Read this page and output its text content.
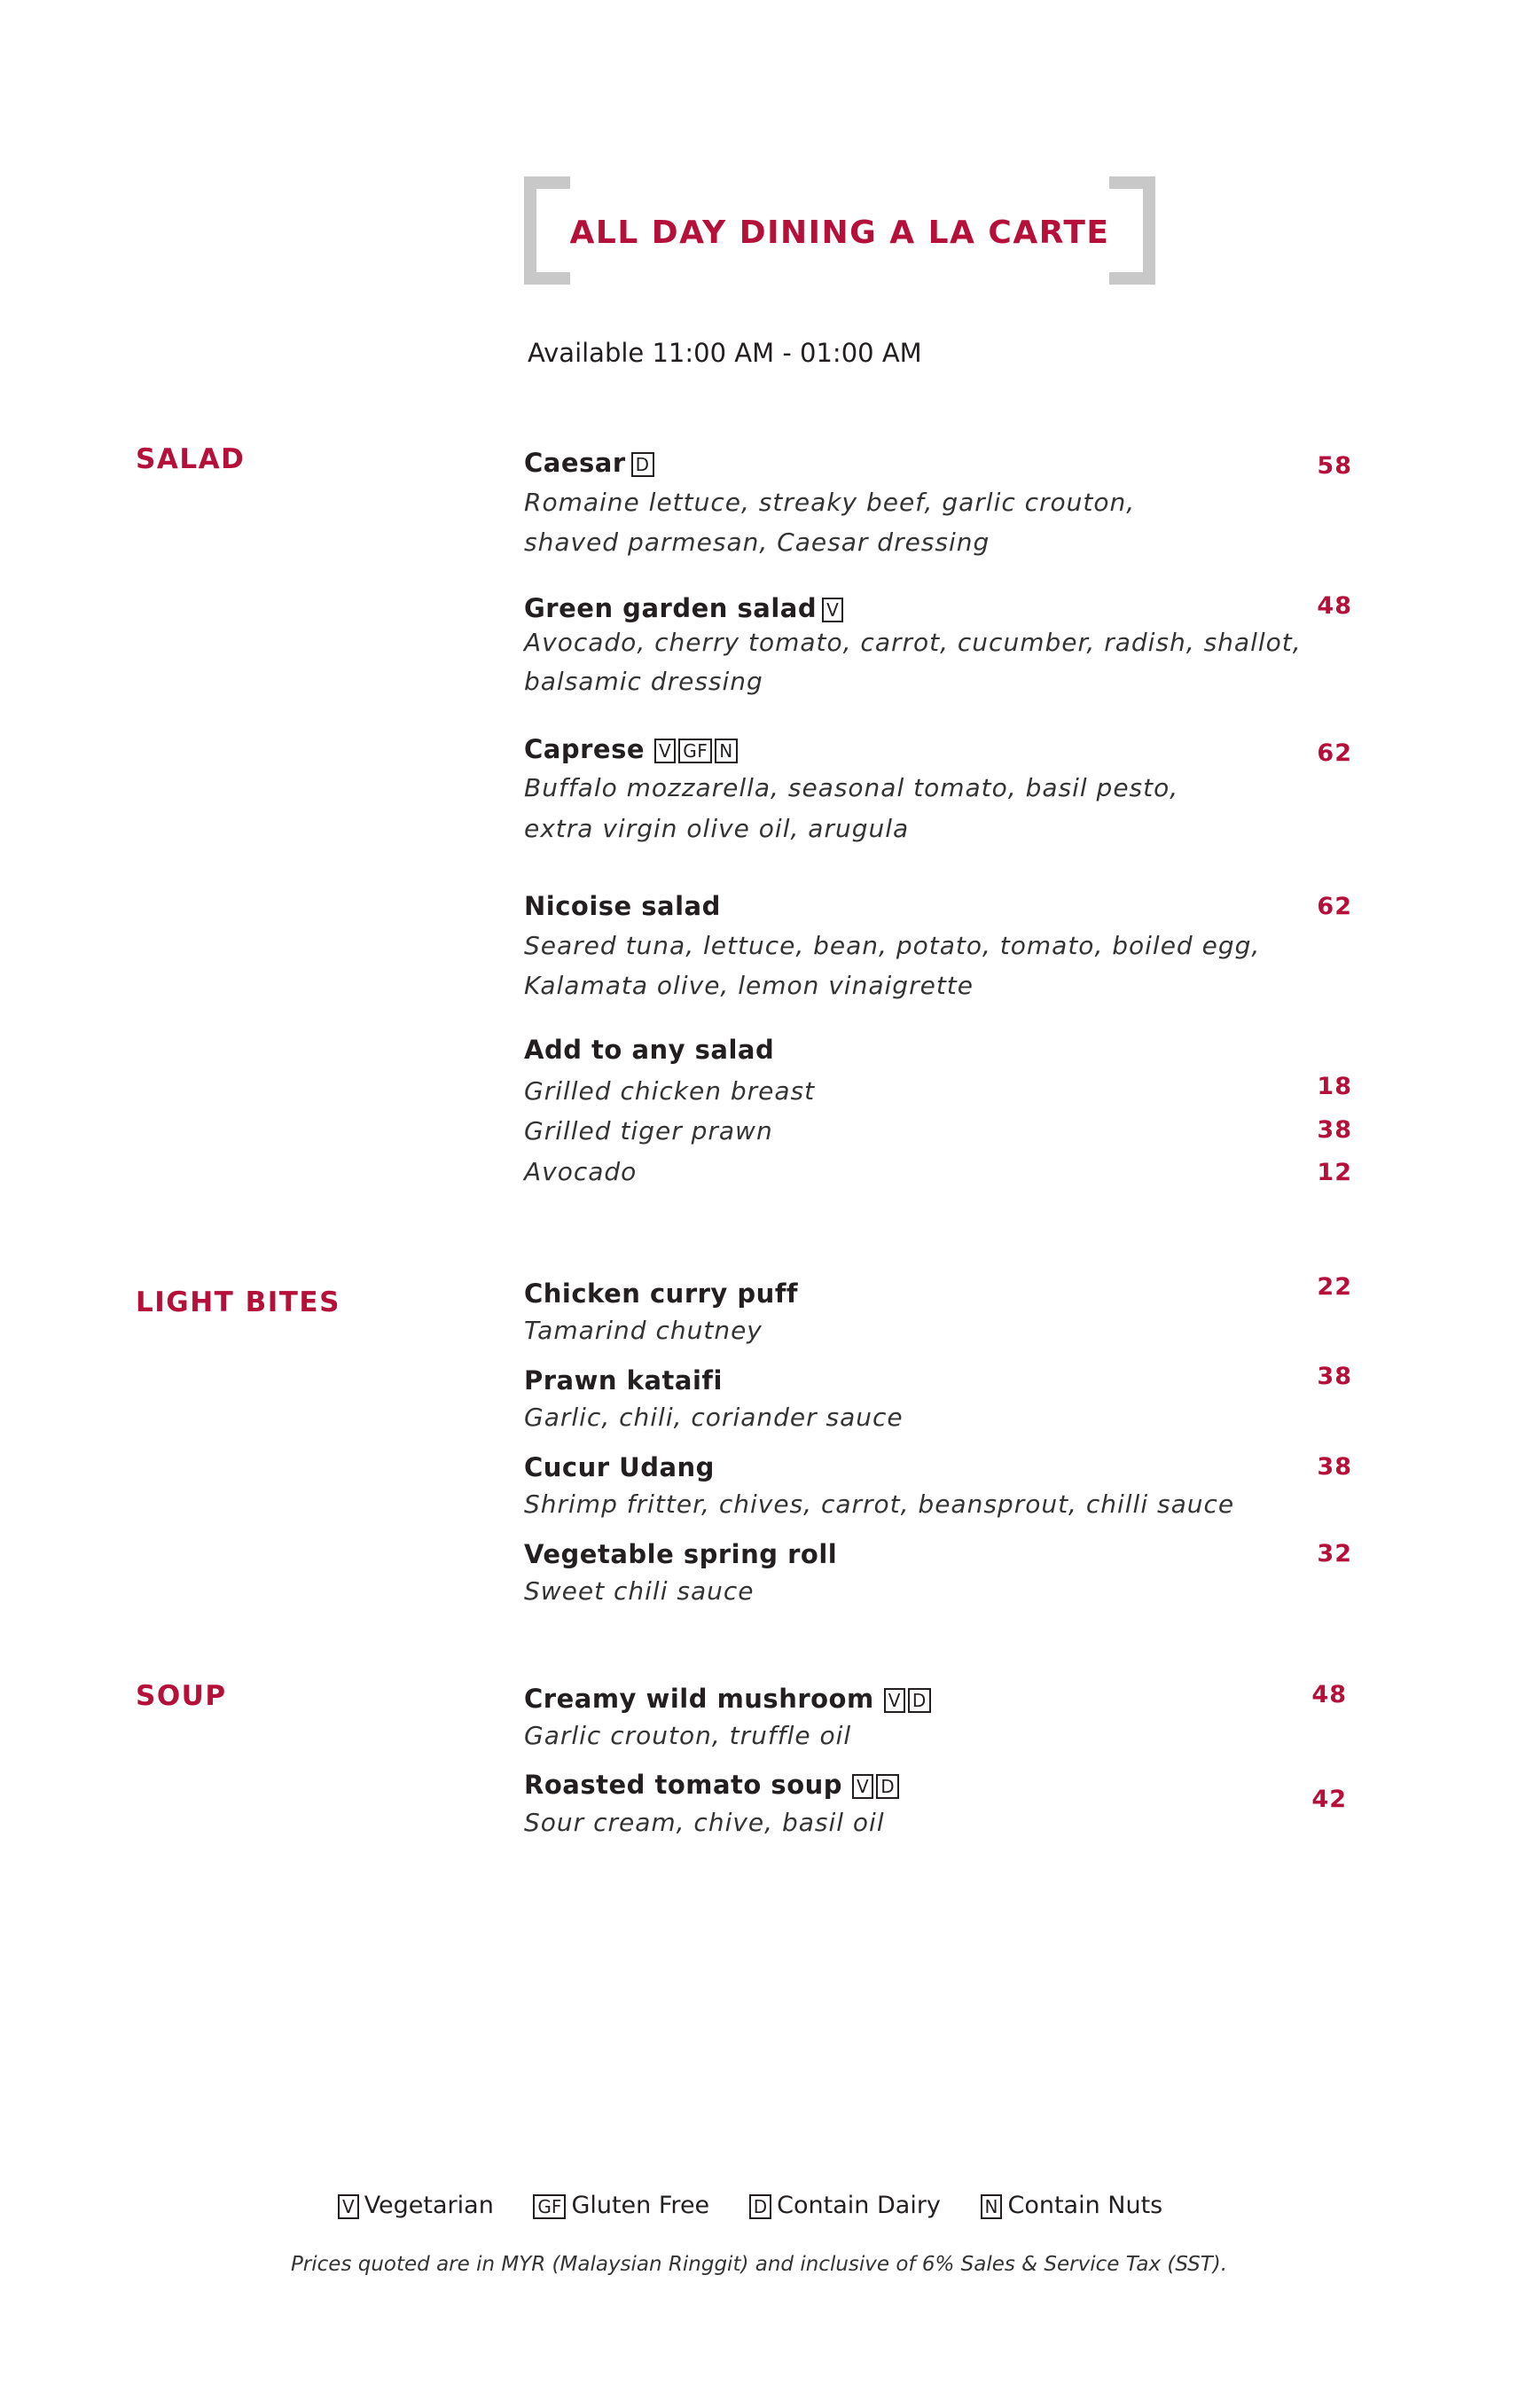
ALL DAY DINING A LA CARTE
Available 11:00 AM - 01:00 AM
SALAD	Caesar D
Romaine lettuce, streaky beef, garlic crouton,
shaved parmesan, Caesar dressing
58
Green garden salad V
Avocado, cherry tomato, carrot, cucumber, radish, shallot,
balsamic dressing
48
Caprese V GF N
Buffalo mozzarella, seasonal tomato, basil pesto,
extra virgin olive oil, arugula
62
Nicoise salad
Seared tuna, lettuce, bean, potato, tomato, boiled egg,
Kalamata olive, lemon vinaigrette
62
Add to any salad
Grilled chicken breast	18
Grilled tiger prawn	38
Avocado	12
LIGHT BITES	Chicken curry puff
Tamarind chutney
22
Prawn kataifi
Garlic, chili, coriander sauce
38
Cucur Udang
Shrimp fritter, chives, carrot, beansprout, chilli sauce
38
Vegetable spring roll
Sweet chili sauce
32
SOUP	Creamy wild mushroom V D
Garlic crouton, truffle oil
48
Roasted tomato soup V D
Sour cream, chive, basil oil
42
V Vegetarian GF Gluten Free D Contain Dairy N Contain Nuts
Prices quoted are in MYR (Malaysian Ringgit) and inclusive of 6% Sales & Service Tax (SST).
